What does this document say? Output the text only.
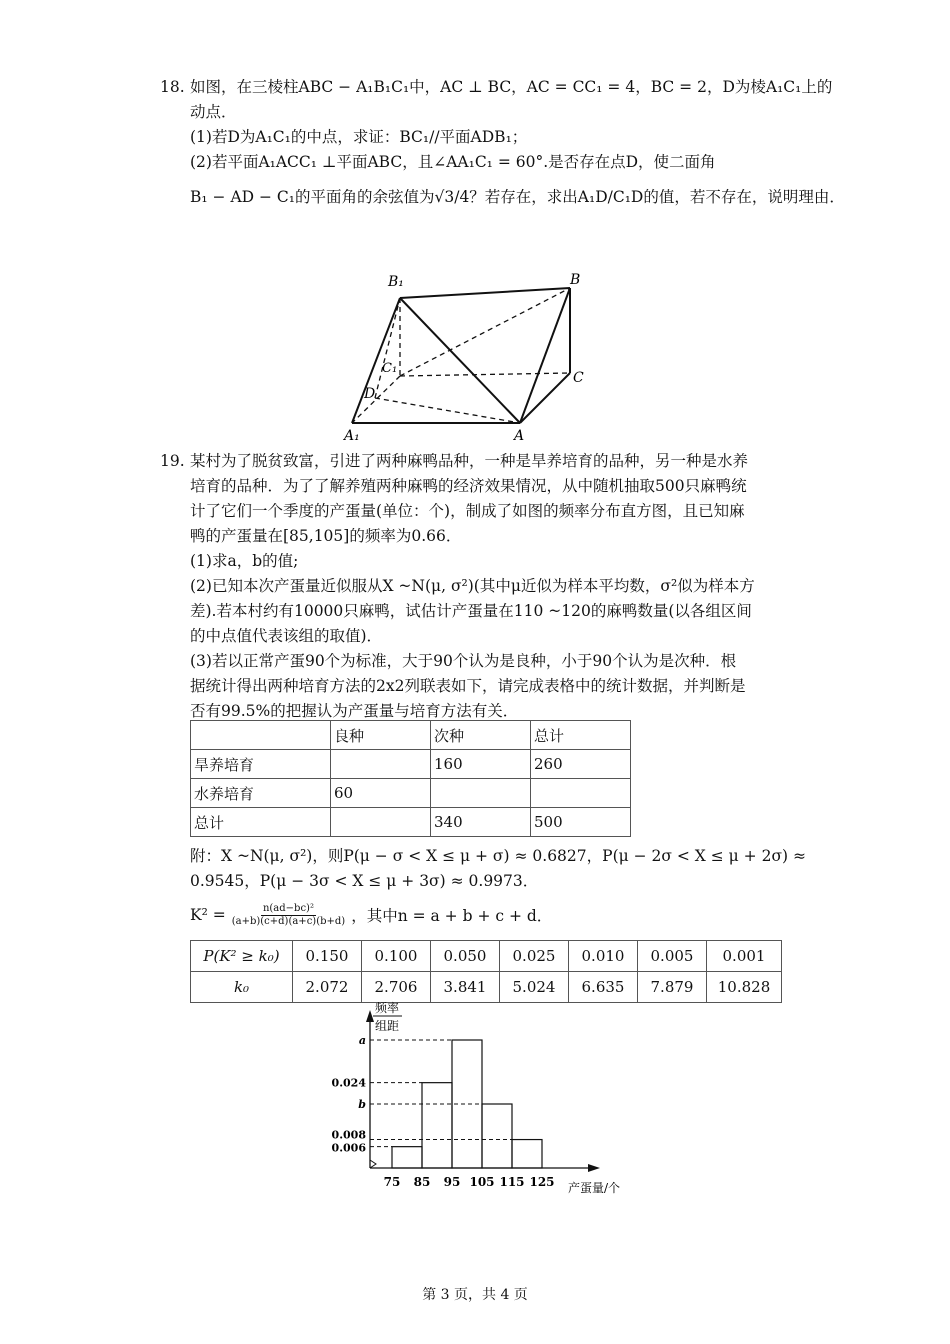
18. 如图，在三棱柱ABC − A₁B₁C₁中，AC ⊥ BC，AC = CC₁ = 4，BC = 2，D为棱A₁C₁上的
动点．
(1)若D为A₁C₁的中点，求证：BC₁//平面ADB₁；
(2)若平面A₁ACC₁ ⊥平面ABC，且∠AA₁C₁ = 60°.是否存在点D，使二面角
B₁ − AD − C₁的平面角的余弦值为√3/4？若存在，求出A₁D/C₁D的值，若不存在，说明理由．
B₁	B
C₁
C
D
A₁	A
19. 某村为了脱贫致富，引进了两种麻鸭品种，一种是旱养培育的品种，另一种是水养
培育的品种．为了了解养殖两种麻鸭的经济效果情况，从中随机抽取500只麻鸭统
计了它们一个季度的产蛋量(单位：个)，制成了如图的频率分布直方图，且已知麻
鸭的产蛋量在[85,105]的频率为0.66．
(1)求a，b的值;
(2)已知本次产蛋量近似服从X ~N(μ, σ²)(其中μ近似为样本平均数，σ²似为样本方
差).若本村约有10000只麻鸭，试估计产蛋量在110 ~120的麻鸭数量(以各组区间
的中点值代表该组的取值)．
(3)若以正常产蛋90个为标准，大于90个认为是良种，小于90个认为是次种．根
据统计得出两种培育方法的2x2列联表如下，请完成表格中的统计数据，并判断是
否有99.5%的把握认为产蛋量与培育方法有关．
	良种	次种	总计
旱养培育		160	260
水养培育	60		
总计		340	500
附：X ~N(μ, σ²)，则P(μ − σ < X ≤ μ + σ) ≈ 0.6827，P(μ − 2σ < X ≤ μ + 2σ) ≈
0.9545，P(μ − 3σ < X ≤ μ + 3σ) ≈ 0.9973．
$K^2 = \frac{\text{n(ad−bc)²}}{(a+b)(c+d)(a+c)(b+d)}$ ，其中n = a + b + c + d．
P(K² ≥ k₀)	0.150	0.100	0.050	0.025	0.010	0.005	0.001
k₀	2.072	2.706	3.841	5.024	6.635	7.879	10.828
频率
组距
产蛋量/个
a
0.024
b
0.008
0.006
75 85 95 105 115 125
第 3 页，共 4 页
